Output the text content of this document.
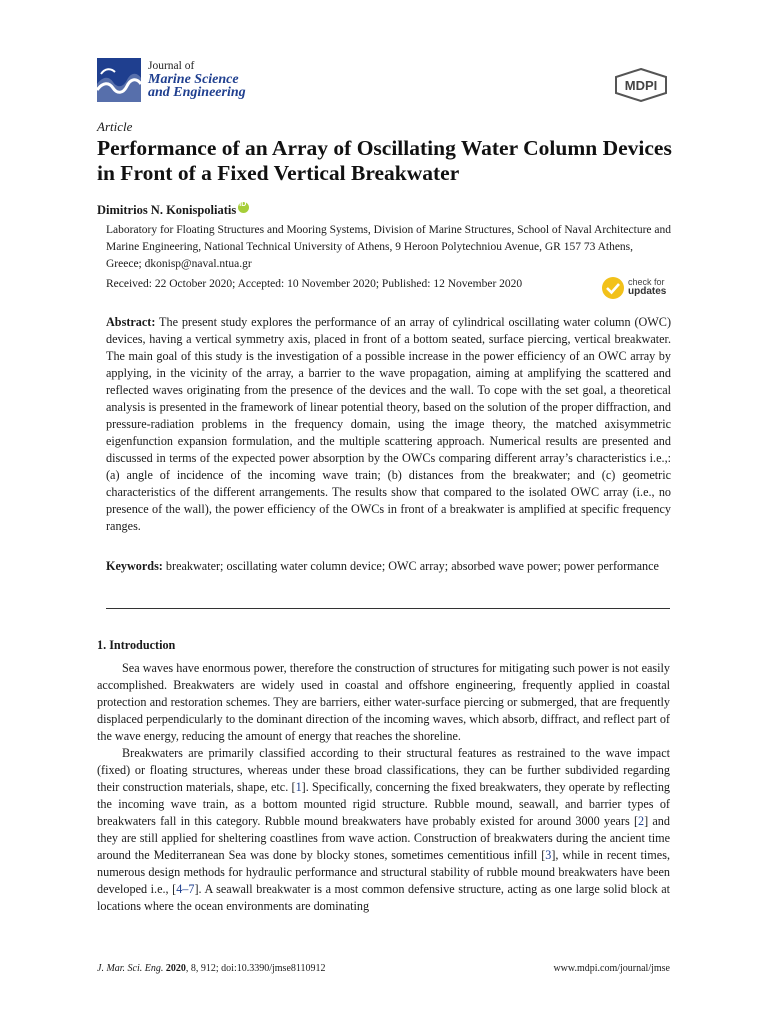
Journal of
Marine Science
and Engineering	MDPI
Article
Performance of an Array of Oscillating Water Column Devices in Front of a Fixed Vertical Breakwater
Dimitrios N. KonispoliatisiD
Laboratory for Floating Structures and Mooring Systems, Division of Marine Structures, School of Naval Architecture and Marine Engineering, National Technical University of Athens, 9 Heroon Polytechniou Avenue, GR 157 73 Athens, Greece; dkonisp@naval.ntua.gr
Received: 22 October 2020; Accepted: 10 November 2020; Published: 12 November 2020	check for
updates
Abstract: The present study explores the performance of an array of cylindrical oscillating water column (OWC) devices, having a vertical symmetry axis, placed in front of a bottom seated, surface piercing, vertical breakwater. The main goal of this study is the investigation of a possible increase in the power efficiency of an OWC array by applying, in the vicinity of the array, a barrier to the wave propagation, aiming at amplifying the scattered and reflected waves originating from the presence of the devices and the wall. To cope with the set goal, a theoretical analysis is presented in the framework of linear potential theory, based on the solution of the proper diffraction, and pressure-radiation problems in the frequency domain, using the image theory, the matched axisymmetric eigenfunction expansion formulation, and the multiple scattering approach. Numerical results are presented and discussed in terms of the expected power absorption by the OWCs comparing different array’s characteristics i.e.,: (a) angle of incidence of the incoming wave train; (b) distances from the breakwater; and (c) geometric characteristics of the different arrangements. The results show that compared to the isolated OWC array (i.e., no presence of the wall), the power efficiency of the OWCs in front of a breakwater is amplified at specific frequency ranges.
Keywords: breakwater; oscillating water column device; OWC array; absorbed wave power; power performance
1. Introduction

Sea waves have enormous power, therefore the construction of structures for mitigating such power is not easily accomplished. Breakwaters are widely used in coastal and offshore engineering, frequently applied in coastal protection and restoration schemes. They are barriers, either water-surface piercing or submerged, that are frequently displaced perpendicularly to the dominant direction of the incoming waves, which absorb, diffract, and reflect part of the wave energy, reducing the amount of energy that reaches the shoreline.

Breakwaters are primarily classified according to their structural features as restrained to the wave impact (fixed) or floating structures, whereas under these broad classifications, they can be further subdivided regarding their construction materials, shape, etc. [1]. Specifically, concerning the fixed breakwaters, they operate by reflecting the incoming wave train, as a bottom mounted rigid structure. Rubble mound, seawall, and barrier types of breakwaters fall in this category. Rubble mound breakwaters have probably existed for around 3000 years [2] and they are still applied for sheltering coastlines from wave action. Construction of breakwaters during the ancient time around the Mediterranean Sea was done by blocky stones, sometimes cementitious infill [3], while in recent times, numerous design methods for hydraulic performance and structural stability of rubble mound breakwaters have been developed i.e., [4–7]. A seawall breakwater is a most common defensive structure, acting as one large solid block at locations where the ocean environments are dominating

J. Mar. Sci. Eng. 2020, 8, 912; doi:10.3390/jmse8110912	www.mdpi.com/journal/jmse
